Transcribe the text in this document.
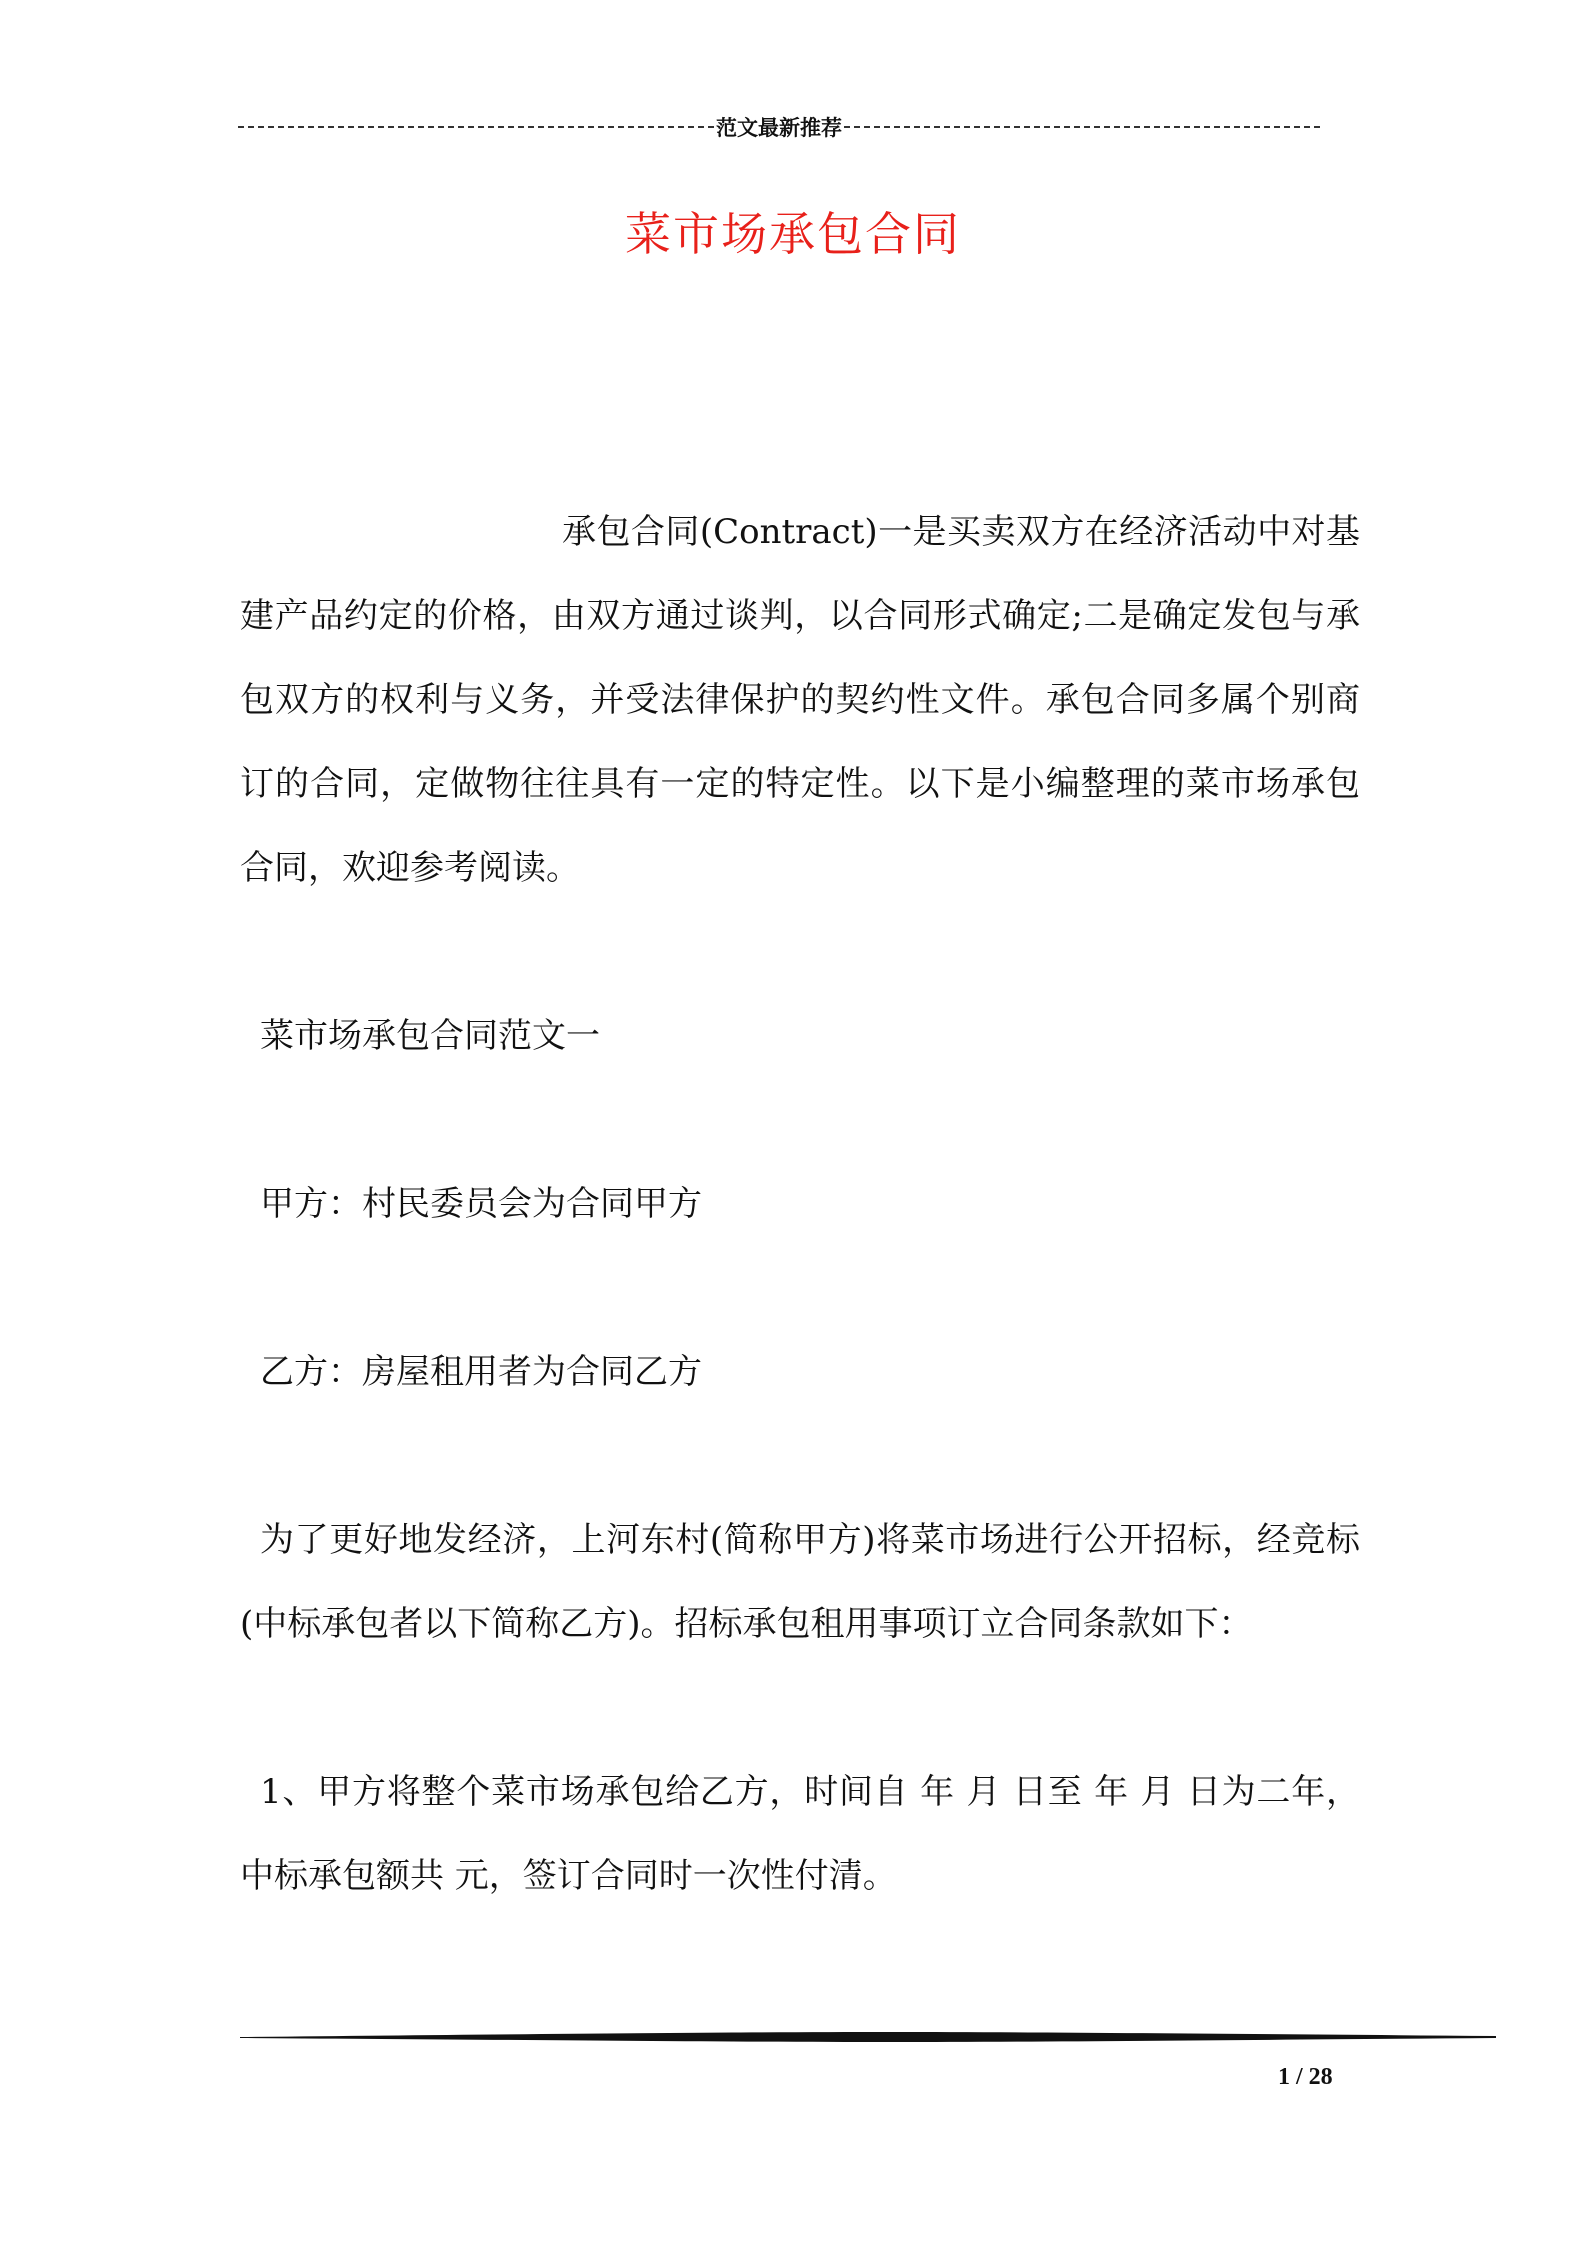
范文最新推荐
菜市场承包合同

承包合同(Contract)一是买卖双方在经济活动中对基建产品约定的价格，由双方通过谈判，以合同形式确定;二是确定发包与承包双方的权利与义务，并受法律保护的契约性文件。承包合同多属个别商订的合同，定做物往往具有一定的特定性。以下是小编整理的菜市场承包合同，欢迎参考阅读。

菜市场承包合同范文一

甲方：村民委员会为合同甲方

乙方：房屋租用者为合同乙方

为了更好地发经济，上河东村(简称甲方)将菜市场进行公开招标，经竞标(中标承包者以下简称乙方)。招标承包租用事项订立合同条款如下：

1、甲方将整个菜市场承包给乙方，时间自 年 月 日至 年 月 日为二年，中标承包额共 元，签订合同时一次性付清。

1 / 28
